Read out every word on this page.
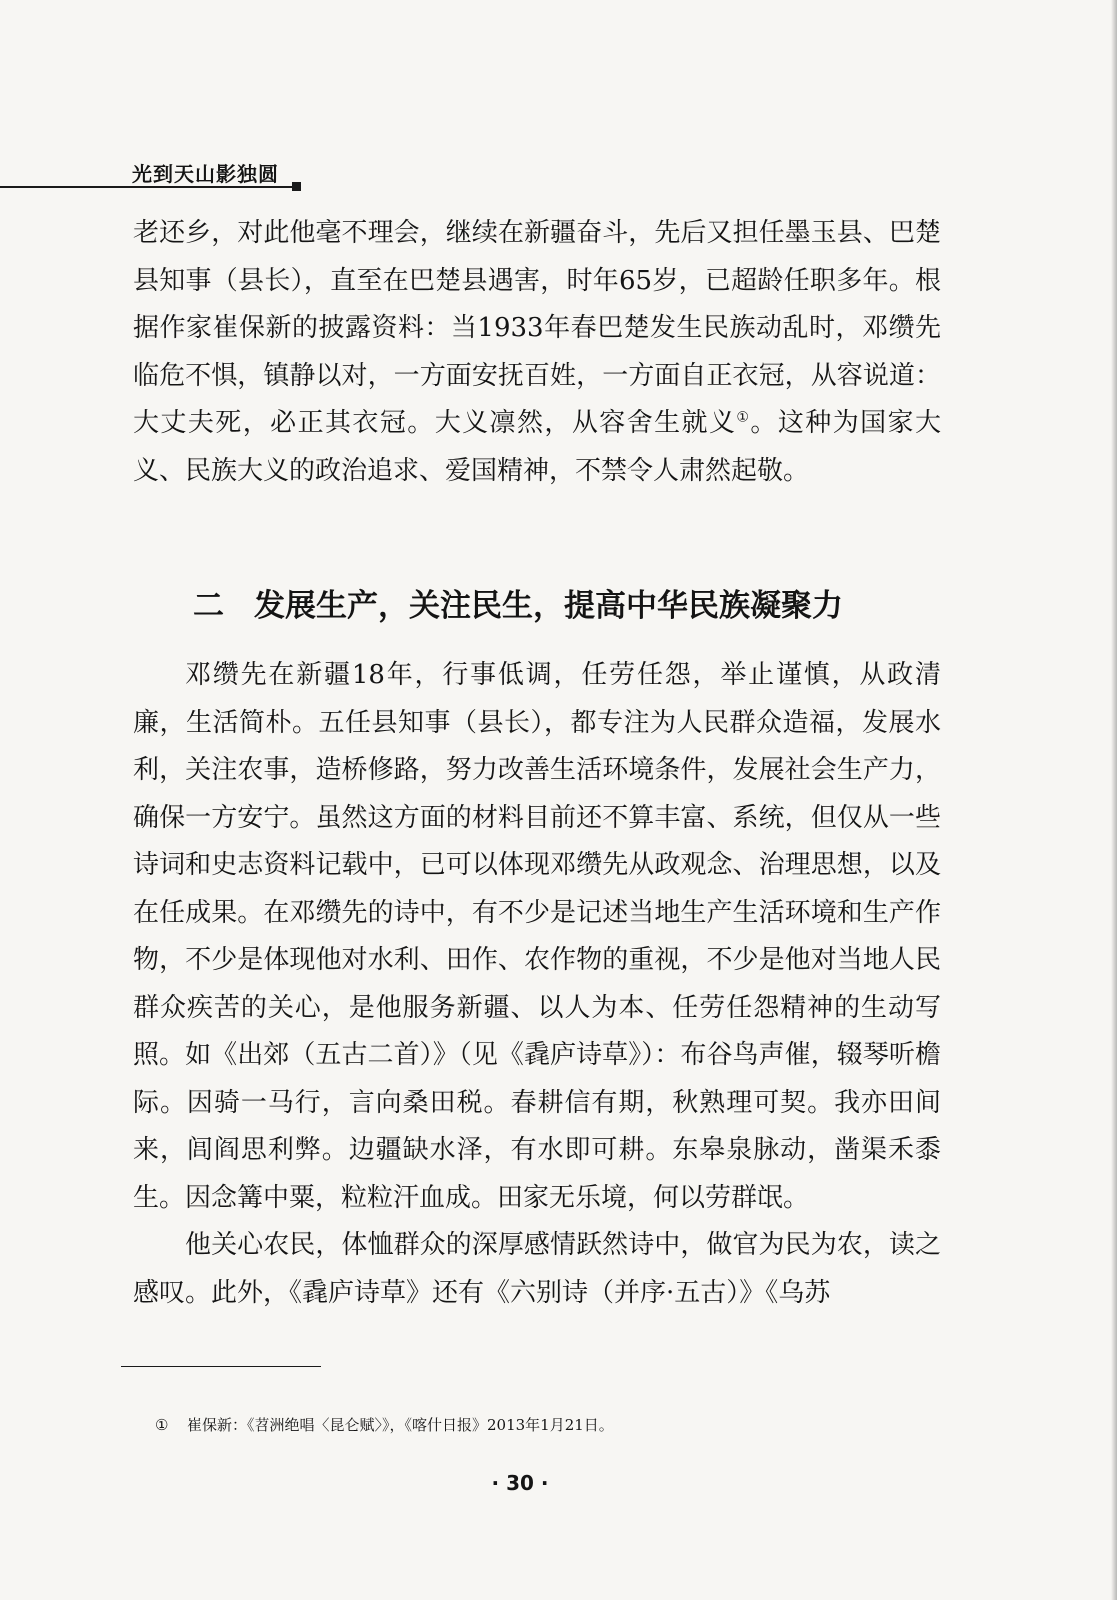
光到天山影独圆

老还乡，对此他毫不理会，继续在新疆奋斗，先后又担任墨玉县、巴楚县知事（县长），直至在巴楚县遇害，时年65岁，已超龄任职多年。根据作家崔保新的披露资料：当1933年春巴楚发生民族动乱时，邓缵先临危不惧，镇静以对，一方面安抚百姓，一方面自正衣冠，从容说道：大丈夫死，必正其衣冠。大义凛然，从容舍生就义①。这种为国家大义、民族大义的政治追求、爱国精神，不禁令人肃然起敬。

二 发展生产，关注民生，提高中华民族凝聚力

邓缵先在新疆18年，行事低调，任劳任怨，举止谨慎，从政清廉，生活简朴。五任县知事（县长），都专注为人民群众造福，发展水利，关注农事，造桥修路，努力改善生活环境条件，发展社会生产力，确保一方安宁。虽然这方面的材料目前还不算丰富、系统，但仅从一些诗词和史志资料记载中，已可以体现邓缵先从政观念、治理思想，以及在任成果。在邓缵先的诗中，有不少是记述当地生产生活环境和生产作物，不少是体现他对水利、田作、农作物的重视，不少是他对当地人民群众疾苦的关心，是他服务新疆、以人为本、任劳任怨精神的生动写照。如《出郊（五古二首）》（见《毳庐诗草》）：布谷鸟声催，辍琴听檐际。因骑一马行，言向桑田税。春耕信有期，秋熟理可契。我亦田间来，闾阎思利弊。边疆缺水泽，有水即可耕。东皋泉脉动，凿渠禾黍生。因念篝中粟，粒粒汗血成。田家无乐境，何以劳群氓。

他关心农民，体恤群众的深厚感情跃然诗中，做官为民为农，读之感叹。此外，《毳庐诗草》还有《六别诗（并序·五古）》《乌苏

① 崔保新：《苕洲绝唱〈昆仑赋〉》，《喀什日报》2013年1月21日。
· 30 ·
